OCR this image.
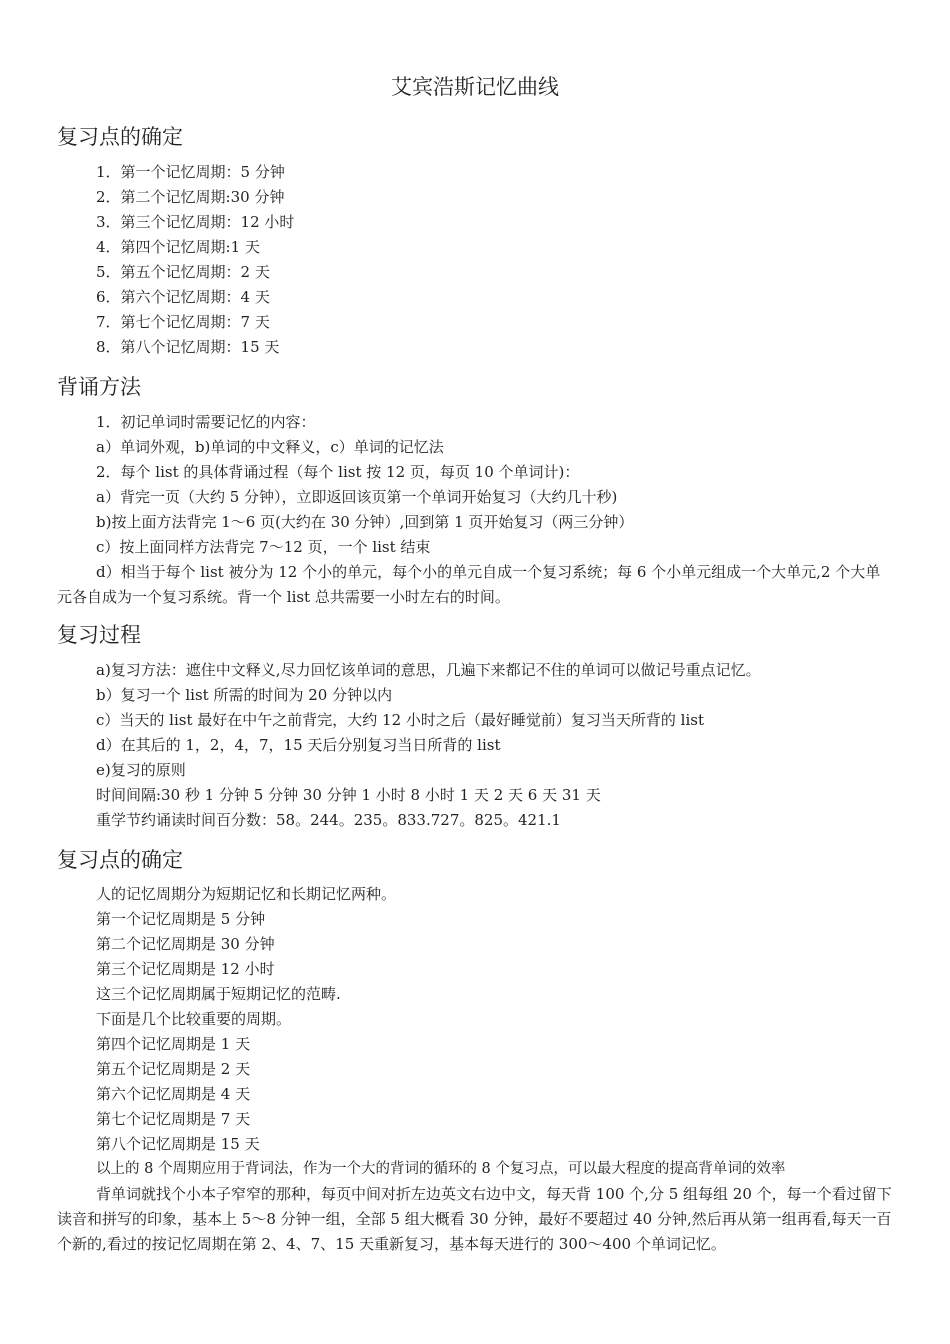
艾宾浩斯记忆曲线
复习点的确定
1．第一个记忆周期：5 分钟
2．第二个记忆周期:30 分钟
3．第三个记忆周期：12 小时
4．第四个记忆周期:1 天
5．第五个记忆周期：2 天
6．第六个记忆周期：4 天
7．第七个记忆周期：7 天
8．第八个记忆周期：15 天
背诵方法
1．初记单词时需要记忆的内容：
a）单词外观，b)单词的中文释义，c）单词的记忆法
2．每个 list 的具体背诵过程（每个 list 按 12 页，每页 10 个单词计)：
a）背完一页（大约 5 分钟），立即返回该页第一个单词开始复习（大约几十秒)
b)按上面方法背完 1～6 页(大约在 30 分钟）,回到第 1 页开始复习（两三分钟）
c）按上面同样方法背完 7～12 页，一个 list 结束
d）相当于每个 list 被分为 12 个小的单元，每个小的单元自成一个复习系统；每 6 个小单元组成一个大单元,2 个大单元各自成为一个复习系统。背一个 list 总共需要一小时左右的时间。
复习过程
a)复习方法：遮住中文释义,尽力回忆该单词的意思，几遍下来都记不住的单词可以做记号重点记忆。
b）复习一个 list 所需的时间为 20 分钟以内
c）当天的 list 最好在中午之前背完，大约 12 小时之后（最好睡觉前）复习当天所背的 list
d）在其后的 1，2，4，7，15 天后分别复习当日所背的 list
e)复习的原则
时间间隔:30 秒 1 分钟 5 分钟 30 分钟 1 小时 8 小时 1 天 2 天 6 天 31 天
重学节约诵读时间百分数：58。244。235。833.727。825。421.1
复习点的确定
人的记忆周期分为短期记忆和长期记忆两种。
第一个记忆周期是 5 分钟
第二个记忆周期是 30 分钟
第三个记忆周期是 12 小时
这三个记忆周期属于短期记忆的范畴.
下面是几个比较重要的周期。
第四个记忆周期是 1 天
第五个记忆周期是 2 天
第六个记忆周期是 4 天
第七个记忆周期是 7 天
第八个记忆周期是 15 天
以上的 8 个周期应用于背词法，作为一个大的背词的循环的 8 个复习点，可以最大程度的提高背单词的效率
背单词就找个小本子窄窄的那种，每页中间对折左边英文右边中文，每天背 100 个,分 5 组每组 20 个，每一个看过留下读音和拼写的印象，基本上 5～8 分钟一组，全部 5 组大概看 30 分钟，最好不要超过 40 分钟,然后再从第一组再看,每天一百个新的,看过的按记忆周期在第 2、4、7、15 天重新复习，基本每天进行的 300～400 个单词记忆。
